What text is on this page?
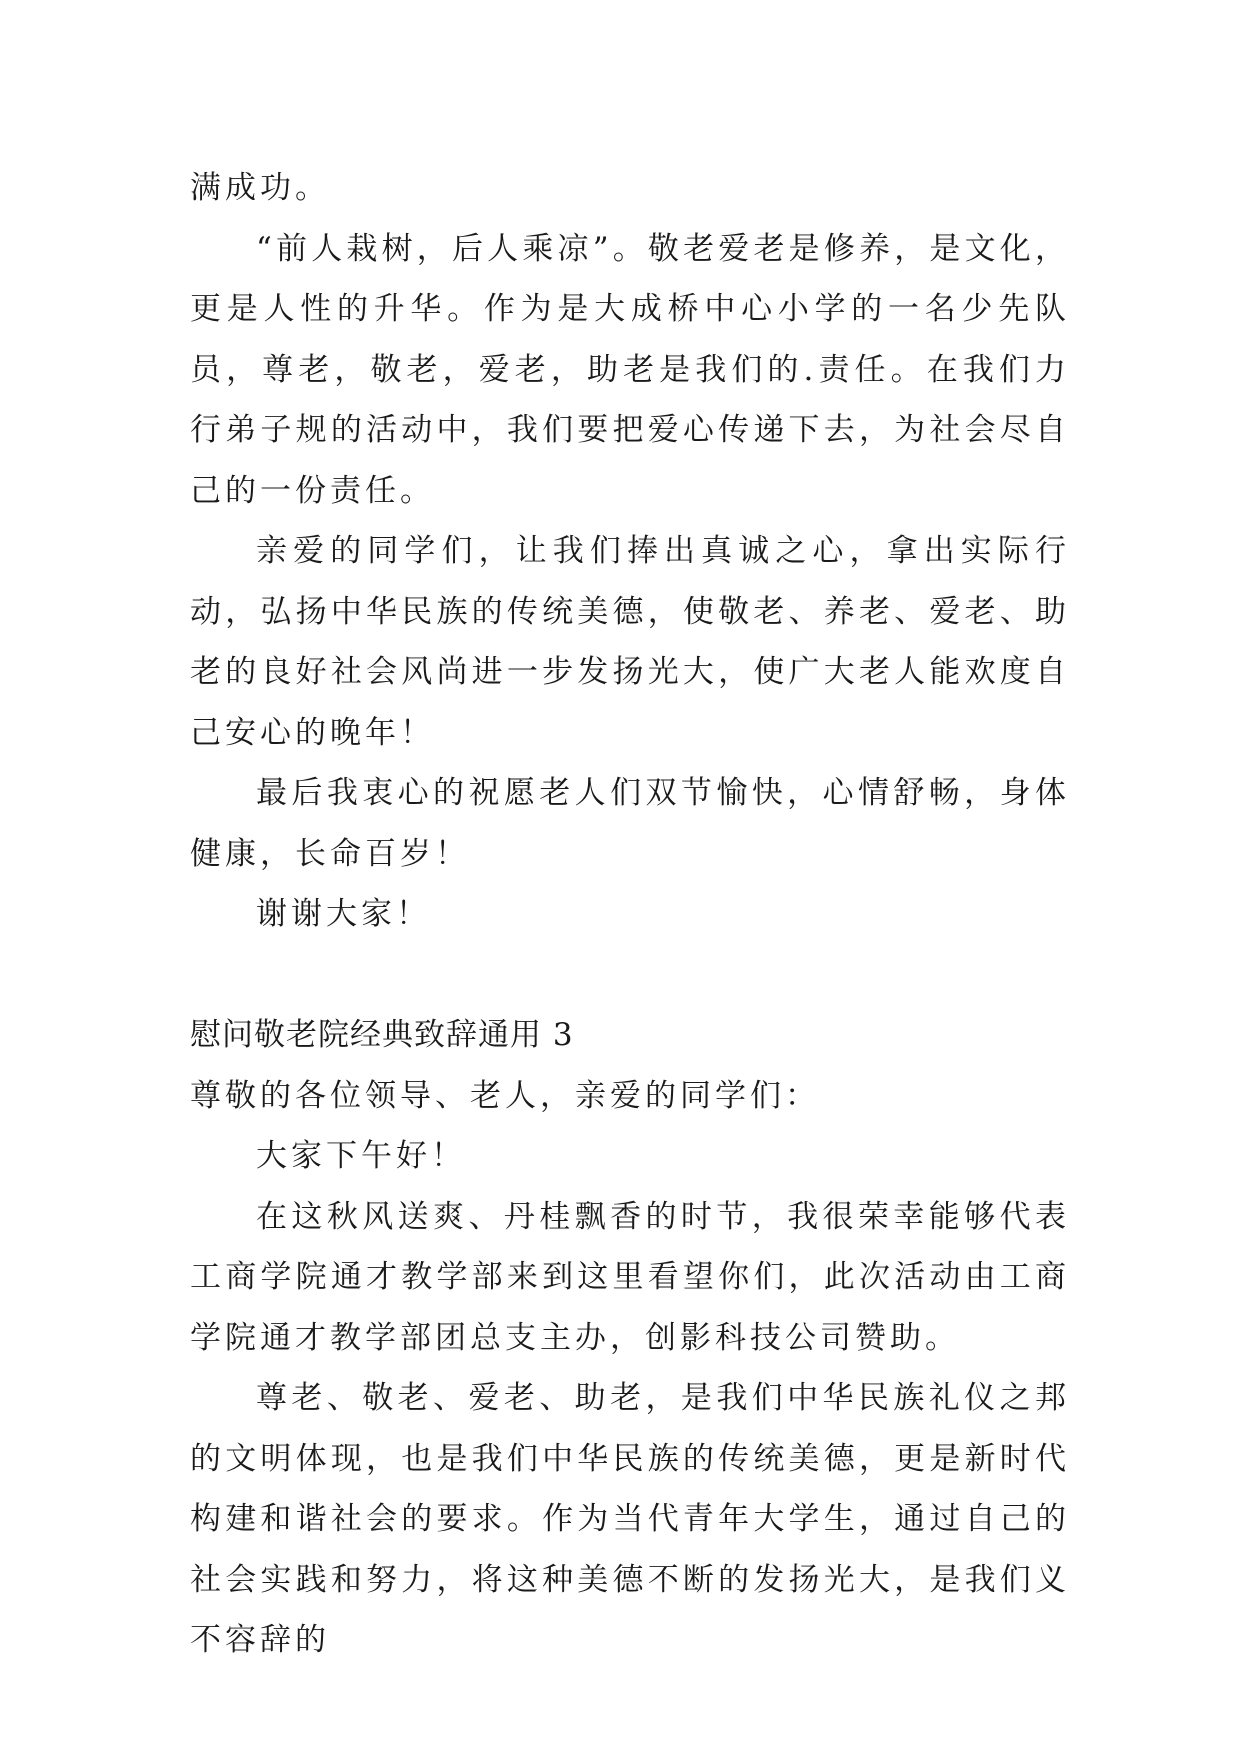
满成功。

“前人栽树，后人乘凉”。敬老爱老是修养，是文化，更是人性的升华。作为是大成桥中心小学的一名少先队员，尊老，敬老，爱老，助老是我们的.责任。在我们力行弟子规的活动中，我们要把爱心传递下去，为社会尽自己的一份责任。

亲爱的同学们，让我们捧出真诚之心，拿出实际行动，弘扬中华民族的传统美德，使敬老、养老、爱老、助老的良好社会风尚进一步发扬光大，使广大老人能欢度自己安心的晚年！

最后我衷心的祝愿老人们双节愉快，心情舒畅，身体健康，长命百岁！

谢谢大家！

慰问敬老院经典致辞通用 3

尊敬的各位领导、老人，亲爱的同学们：

大家下午好！

在这秋风送爽、丹桂飘香的时节，我很荣幸能够代表工商学院通才教学部来到这里看望你们，此次活动由工商学院通才教学部团总支主办，创影科技公司赞助。

尊老、敬老、爱老、助老，是我们中华民族礼仪之邦的文明体现，也是我们中华民族的传统美德，更是新时代构建和谐社会的要求。作为当代青年大学生，通过自己的社会实践和努力，将这种美德不断的发扬光大，是我们义不容辞的
